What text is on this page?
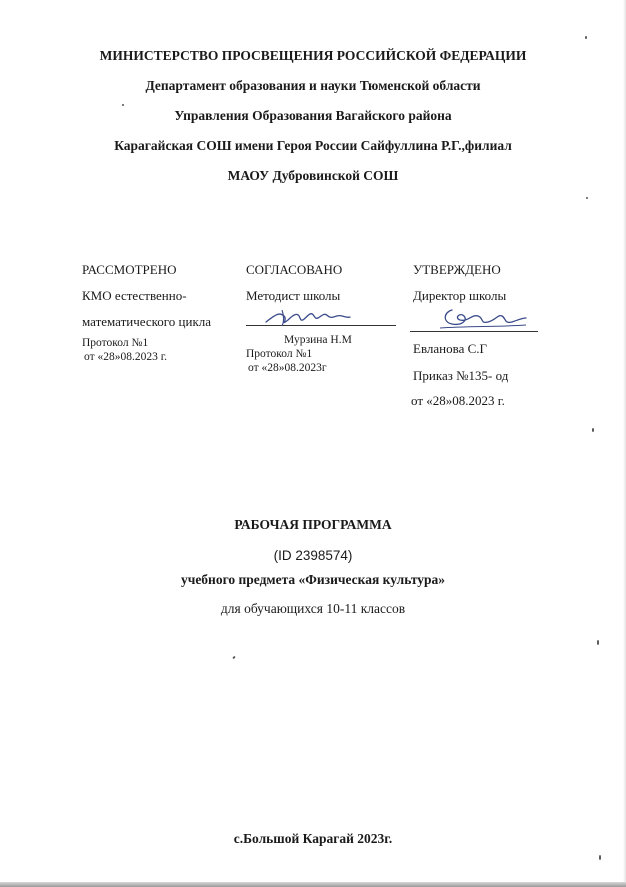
МИНИСТЕРСТВО ПРОСВЕЩЕНИЯ РОССИЙСКОЙ ФЕДЕРАЦИИ
Департамент образования и науки Тюменской области
Управления Образования Вагайского района
Карагайская СОШ имени Героя России Сайфуллина Р.Г.,филиал
МАОУ Дубровинской СОШ
РАССМОТРЕНО
КМО естественно-
математического цикла
Протокол №1
от «28»08.2023 г.
СОГЛАСОВАНО
Методист школы
Мурзина Н.М
Протокол №1
от «28»08.2023г
УТВЕРЖДЕНО
Директор школы
Евланова С.Г
Приказ №135- од
от «28»08.2023 г.
РАБОЧАЯ ПРОГРАММА
(ID 2398574)
учебного предмета «Физическая культура»
для обучающихся 10-11 классов
с.Большой Карагай 2023г.
